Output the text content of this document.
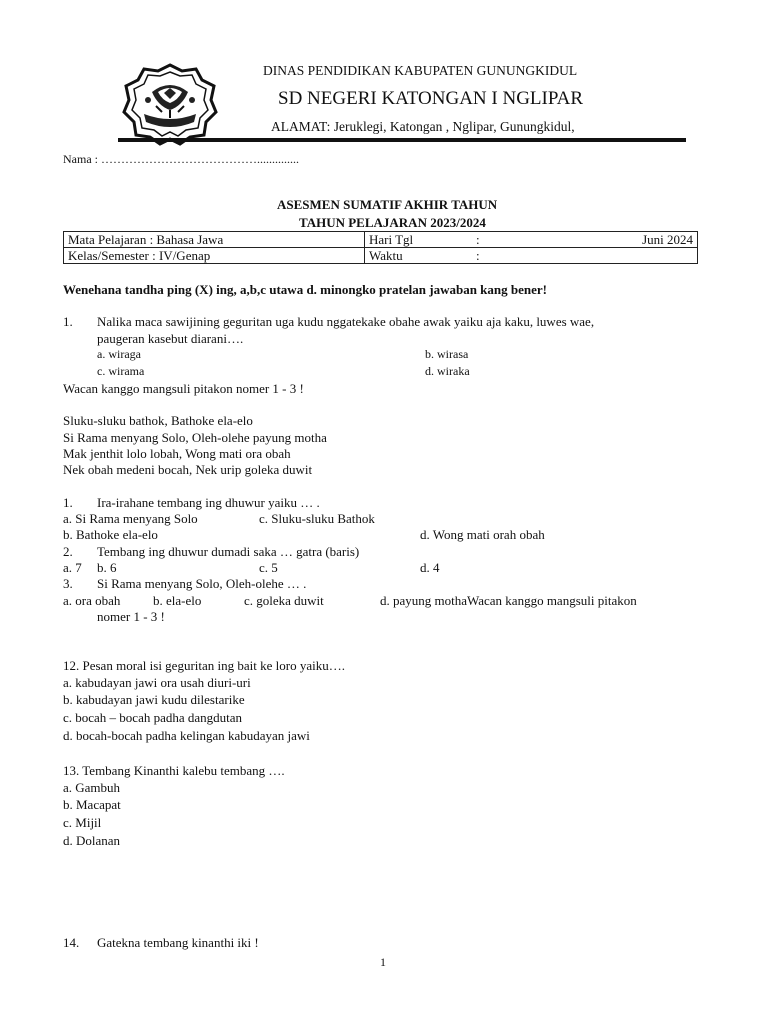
DINAS PENDIDIKAN KABUPATEN GUNUNGKIDUL
SD NEGERI KATONGAN I NGLIPAR
ALAMAT: Jeruklegi, Katongan , Nglipar, Gunungkidul,
Nama : …………………………………..............
ASESMEN SUMATIF AKHIR TAHUN
TAHUN PELAJARAN 2023/2024
Mata Pelajaran : Bahasa Jawa	Hari Tgl : Juni 2024

Kelas/Semester : IV/Genap	Waktu :
Wenehana tandha ping (X) ing, a,b,c utawa d. minongko pratelan jawaban kang bener!
1. Nalika maca sawijining geguritan uga kudu nggatekake obahe awak yaiku aja kaku, luwes wae,
paugeran kasebut diarani….
a. wiraga	b. wirasa
c. wirama	d. wiraka
Wacan kanggo mangsuli pitakon nomer 1 - 3 !
Sluku-sluku bathok, Bathoke ela-elo
Si Rama menyang Solo, Oleh-olehe payung motha
Mak jenthit lolo lobah, Wong mati ora obah
Nek obah medeni bocah, Nek urip goleka duwit
1. Ira-irahane tembang ing dhuwur yaiku … .
a. Si Rama menyang Solo	c. Sluku-sluku Bathok
b. Bathoke ela-elo	d. Wong mati orah obah
2. Tembang ing dhuwur dumadi saka … gatra (baris)
a. 7 b. 6	c. 5	d. 4
3. Si Rama menyang Solo, Oleh-olehe … .
a. ora obah	b. ela-elo	c. goleka duwit	d. payung mothaWacan kanggo mangsuli pitakon
nomer 1 - 3 !
12. Pesan moral isi geguritan ing bait ke loro yaiku….
a. kabudayan jawi ora usah diuri-uri
b. kabudayan jawi kudu dilestarike
c. bocah – bocah padha dangdutan
d. bocah-bocah padha kelingan kabudayan jawi
13. Tembang Kinanthi kalebu tembang ….
a. Gambuh
b. Macapat
c. Mijil
d. Dolanan
14. Gatekna tembang kinanthi iki !
1
